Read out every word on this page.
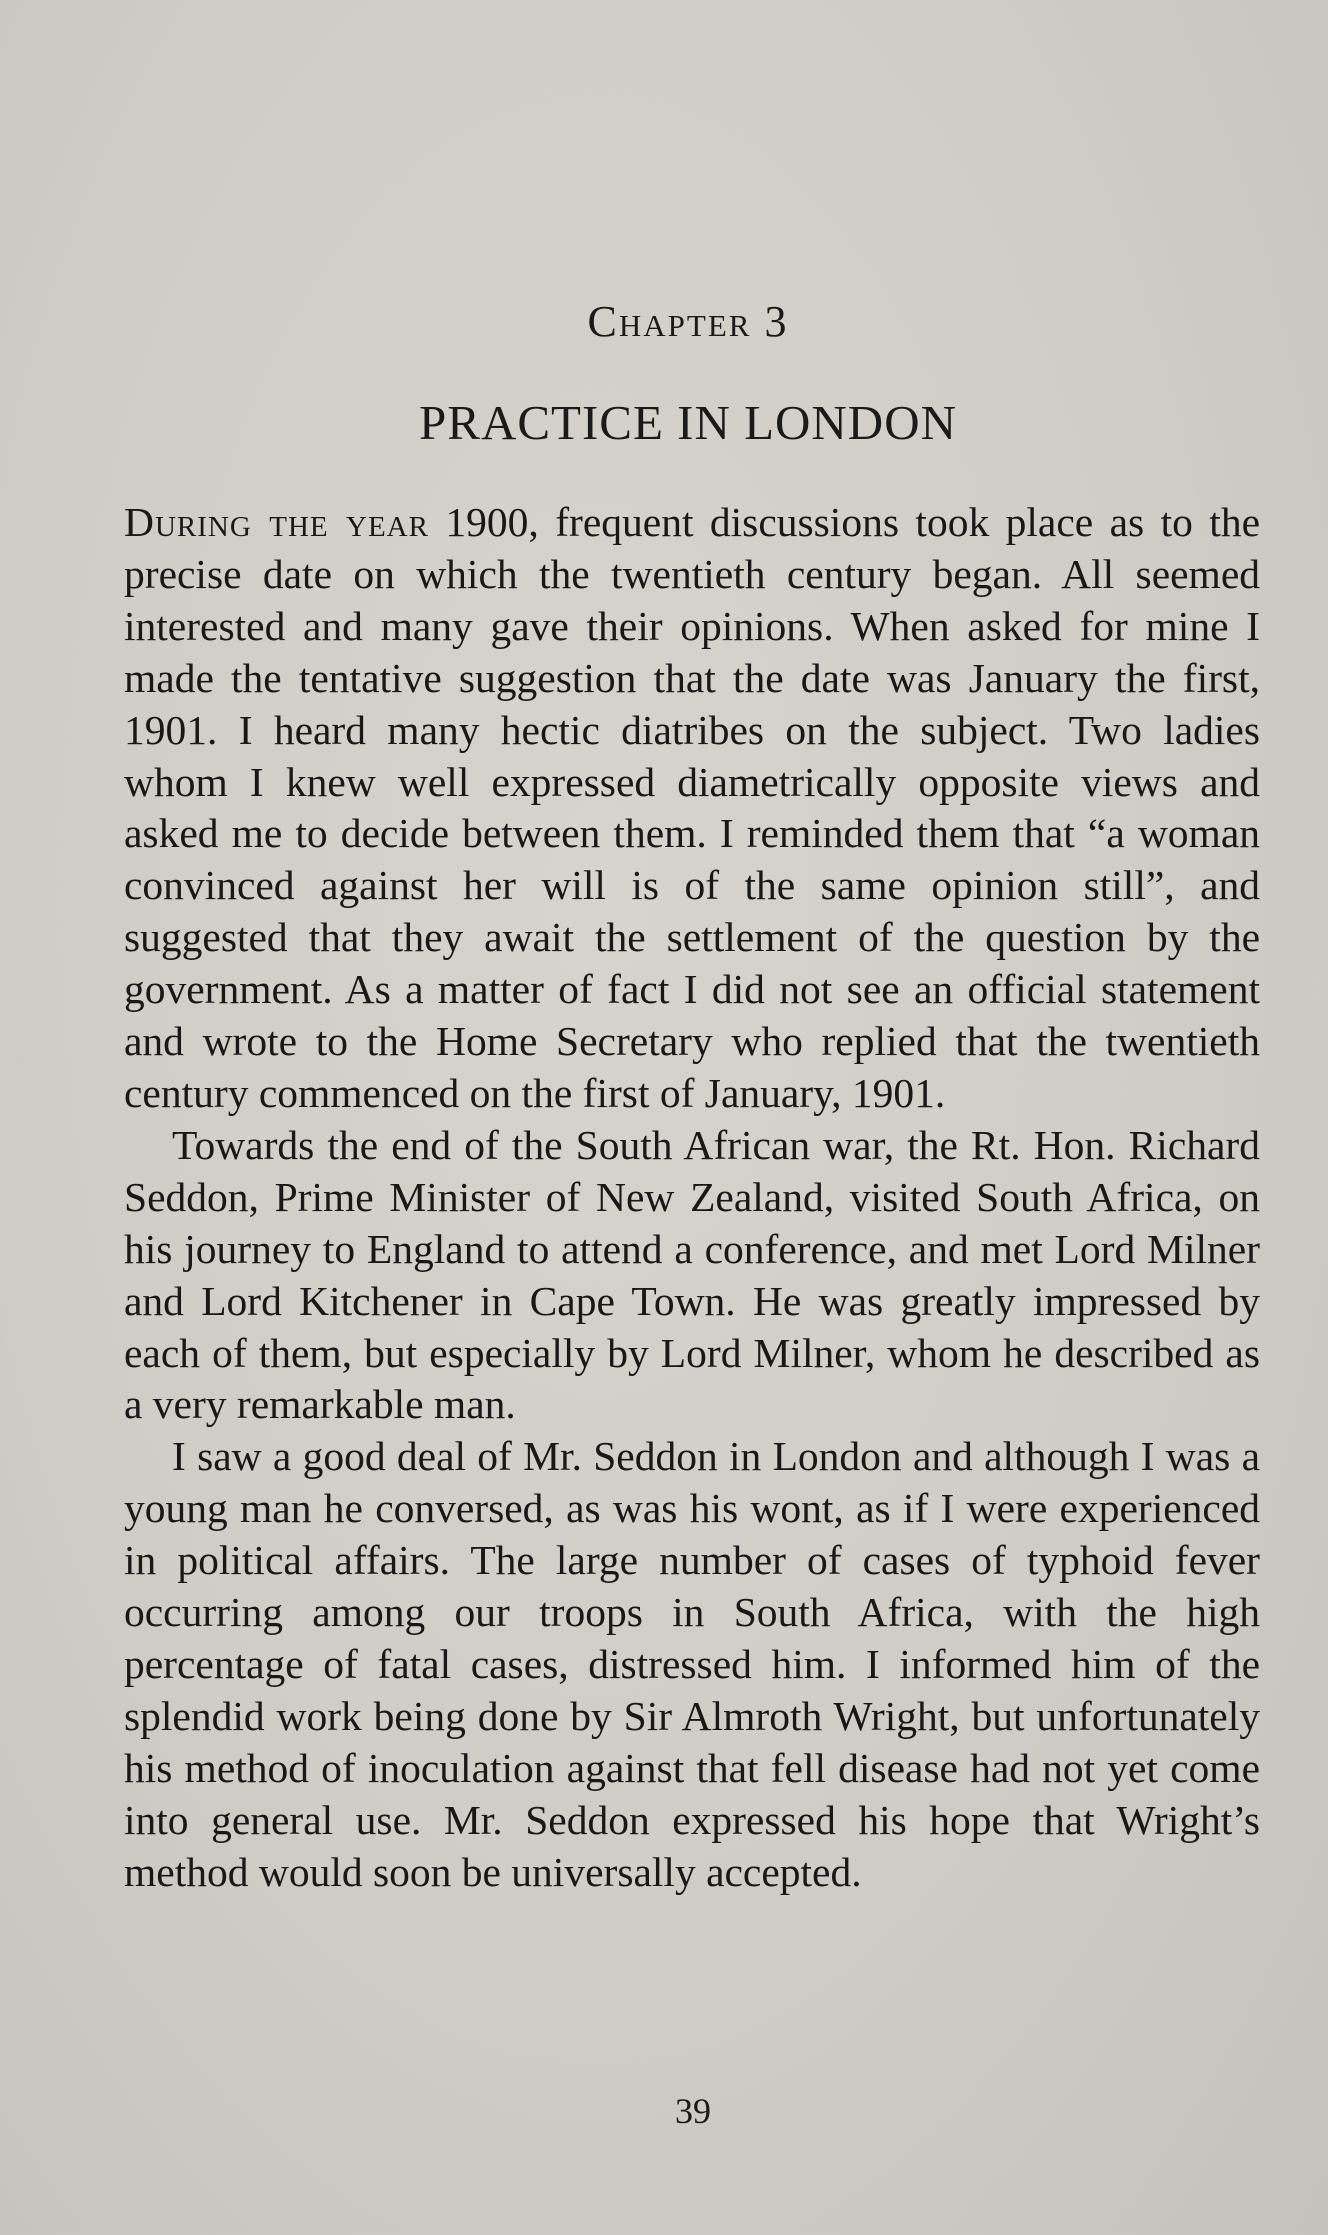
Chapter 3
PRACTICE IN LONDON

During the year 1900, frequent discussions took place as to the precise date on which the twentieth century began. All seemed interested and many gave their opinions. When asked for mine I made the tentative suggestion that the date was January the first, 1901. I heard many hectic diatribes on the subject. Two ladies whom I knew well expressed diametrically opposite views and asked me to decide between them. I reminded them that “a woman convinced against her will is of the same opinion still”, and suggested that they await the settlement of the question by the government. As a matter of fact I did not see an official statement and wrote to the Home Secretary who replied that the twentieth century commenced on the first of January, 1901.

Towards the end of the South African war, the Rt. Hon. Richard Seddon, Prime Minister of New Zealand, visited South Africa, on his journey to England to attend a conference, and met Lord Milner and Lord Kitchener in Cape Town. He was greatly impressed by each of them, but especially by Lord Milner, whom he described as a very remarkable man.

I saw a good deal of Mr. Seddon in London and although I was a young man he conversed, as was his wont, as if I were experienced in political affairs. The large number of cases of typhoid fever occurring among our troops in South Africa, with the high percentage of fatal cases, distressed him. I informed him of the splendid work being done by Sir Almroth Wright, but unfortunately his method of inoculation against that fell disease had not yet come into general use. Mr. Seddon expressed his hope that Wright’s method would soon be universally accepted.

39
